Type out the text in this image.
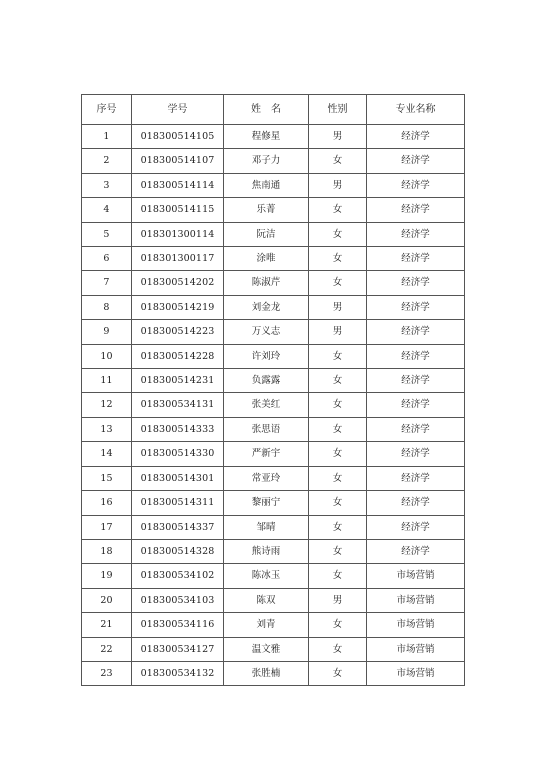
序号	学号	姓　名	性别	专业名称
1	018300514105	程修星	男	经济学
2	018300514107	邓子力	女	经济学
3	018300514114	焦南通	男	经济学
4	018300514115	乐菁	女	经济学
5	018301300114	阮洁	女	经济学
6	018301300117	涂唯	女	经济学
7	018300514202	陈淑芹	女	经济学
8	018300514219	刘金龙	男	经济学
9	018300514223	万义志	男	经济学
10	018300514228	许刘玲	女	经济学
11	018300514231	负露露	女	经济学
12	018300534131	张美红	女	经济学
13	018300514333	张思语	女	经济学
14	018300514330	严新宇	女	经济学
15	018300514301	常亚玲	女	经济学
16	018300514311	黎丽宁	女	经济学
17	018300514337	邹晴	女	经济学
18	018300514328	熊诗雨	女	经济学
19	018300534102	陈冰玉	女	市场营销
20	018300534103	陈双	男	市场营销
21	018300534116	刘青	女	市场营销
22	018300534127	温文雅	女	市场营销
23	018300534132	张胜楠	女	市场营销
